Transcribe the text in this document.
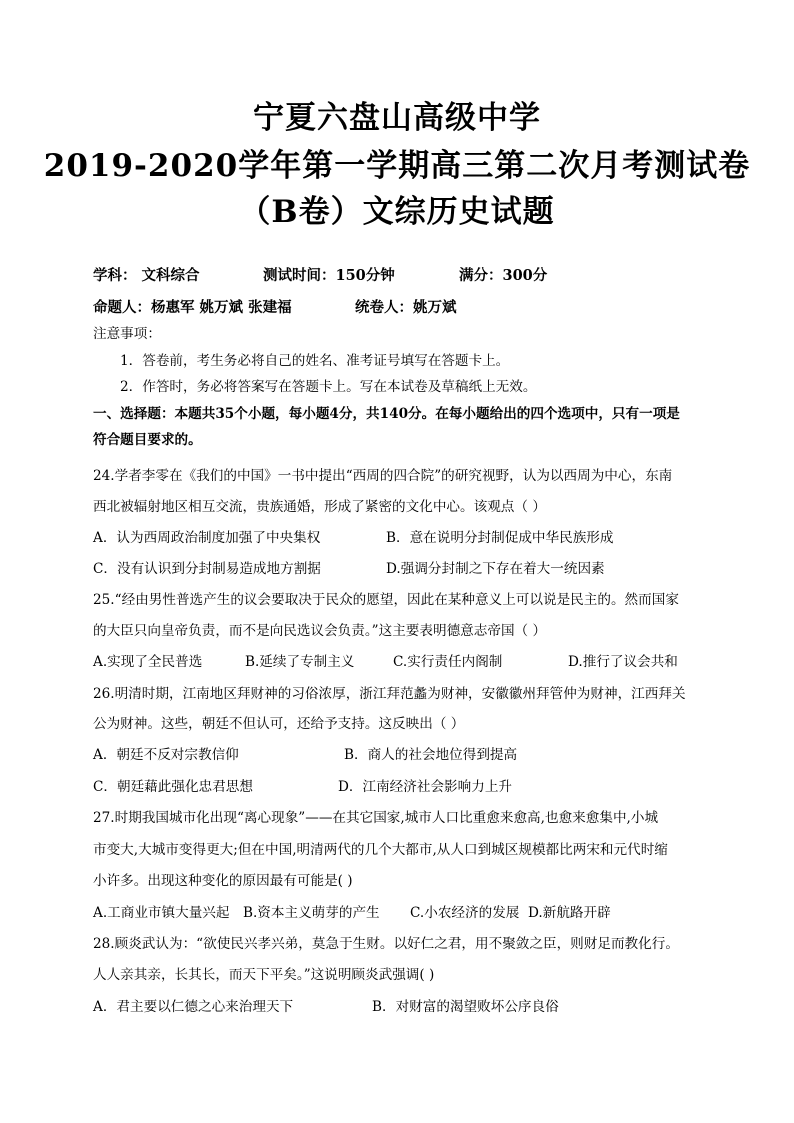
宁夏六盘山高级中学
2019-2020学年第一学期高三第二次月考测试卷
（B卷）文综历史试题
学科： 文科综合	测试时间：150分钟	满分：300分
命题人：杨惠军 姚万斌 张建福	统卷人：姚万斌
注意事项：
1．答卷前，考生务必将自己的姓名、准考证号填写在答题卡上。
2．作答时，务必将答案写在答题卡上。写在本试卷及草稿纸上无效。
一、选择题：本题共35个小题，每小题4分，共140分。在每小题给出的四个选项中，只有一项是
符合题目要求的。
24.学者李零在《我们的中国》一书中提出“西周的四合院”的研究视野，认为以西周为中心，东南
西北被辐射地区相互交流，贵族通婚，形成了紧密的文化中心。该观点（ ）
A．认为西周政治制度加强了中央集权	B．意在说明分封制促成中华民族形成
C．没有认识到分封制易造成地方割据	D.强调分封制之下存在着大一统因素
25.“经由男性普选产生的议会要取决于民众的愿望，因此在某种意义上可以说是民主的。然而国家
的大臣只向皇帝负责，而不是向民选议会负责。”这主要表明德意志帝国（ ）
A.实现了全民普选	B.延续了专制主义	C.实行责任内阁制	D.推行了议会共和
26.明清时期，江南地区拜财神的习俗浓厚，浙江拜范蠡为财神，安徽徽州拜管仲为财神，江西拜关
公为财神。这些，朝廷不但认可，还给予支持。这反映出（ ）
A．朝廷不反对宗教信仰	B．商人的社会地位得到提高
C．朝廷藉此强化忠君思想	D．江南经济社会影响力上升
27.时期我国城市化出现“离心现象”——在其它国家,城市人口比重愈来愈高,也愈来愈集中,小城
市变大,大城市变得更大;但在中国,明清两代的几个大都市,从人口到城区规模都比两宋和元代时缩
小许多。出现这种变化的原因最有可能是( )
A.工商业市镇大量兴起 B.资本主义萌芽的产生 C.小农经济的发展 D.新航路开辟
28.顾炎武认为：“欲使民兴孝兴弟，莫急于生财。以好仁之君，用不聚敛之臣，则财足而教化行。
人人亲其亲，长其长，而天下平矣。”这说明顾炎武强调( )
A．君主要以仁德之心来治理天下	B．对财富的渴望败坏公序良俗
